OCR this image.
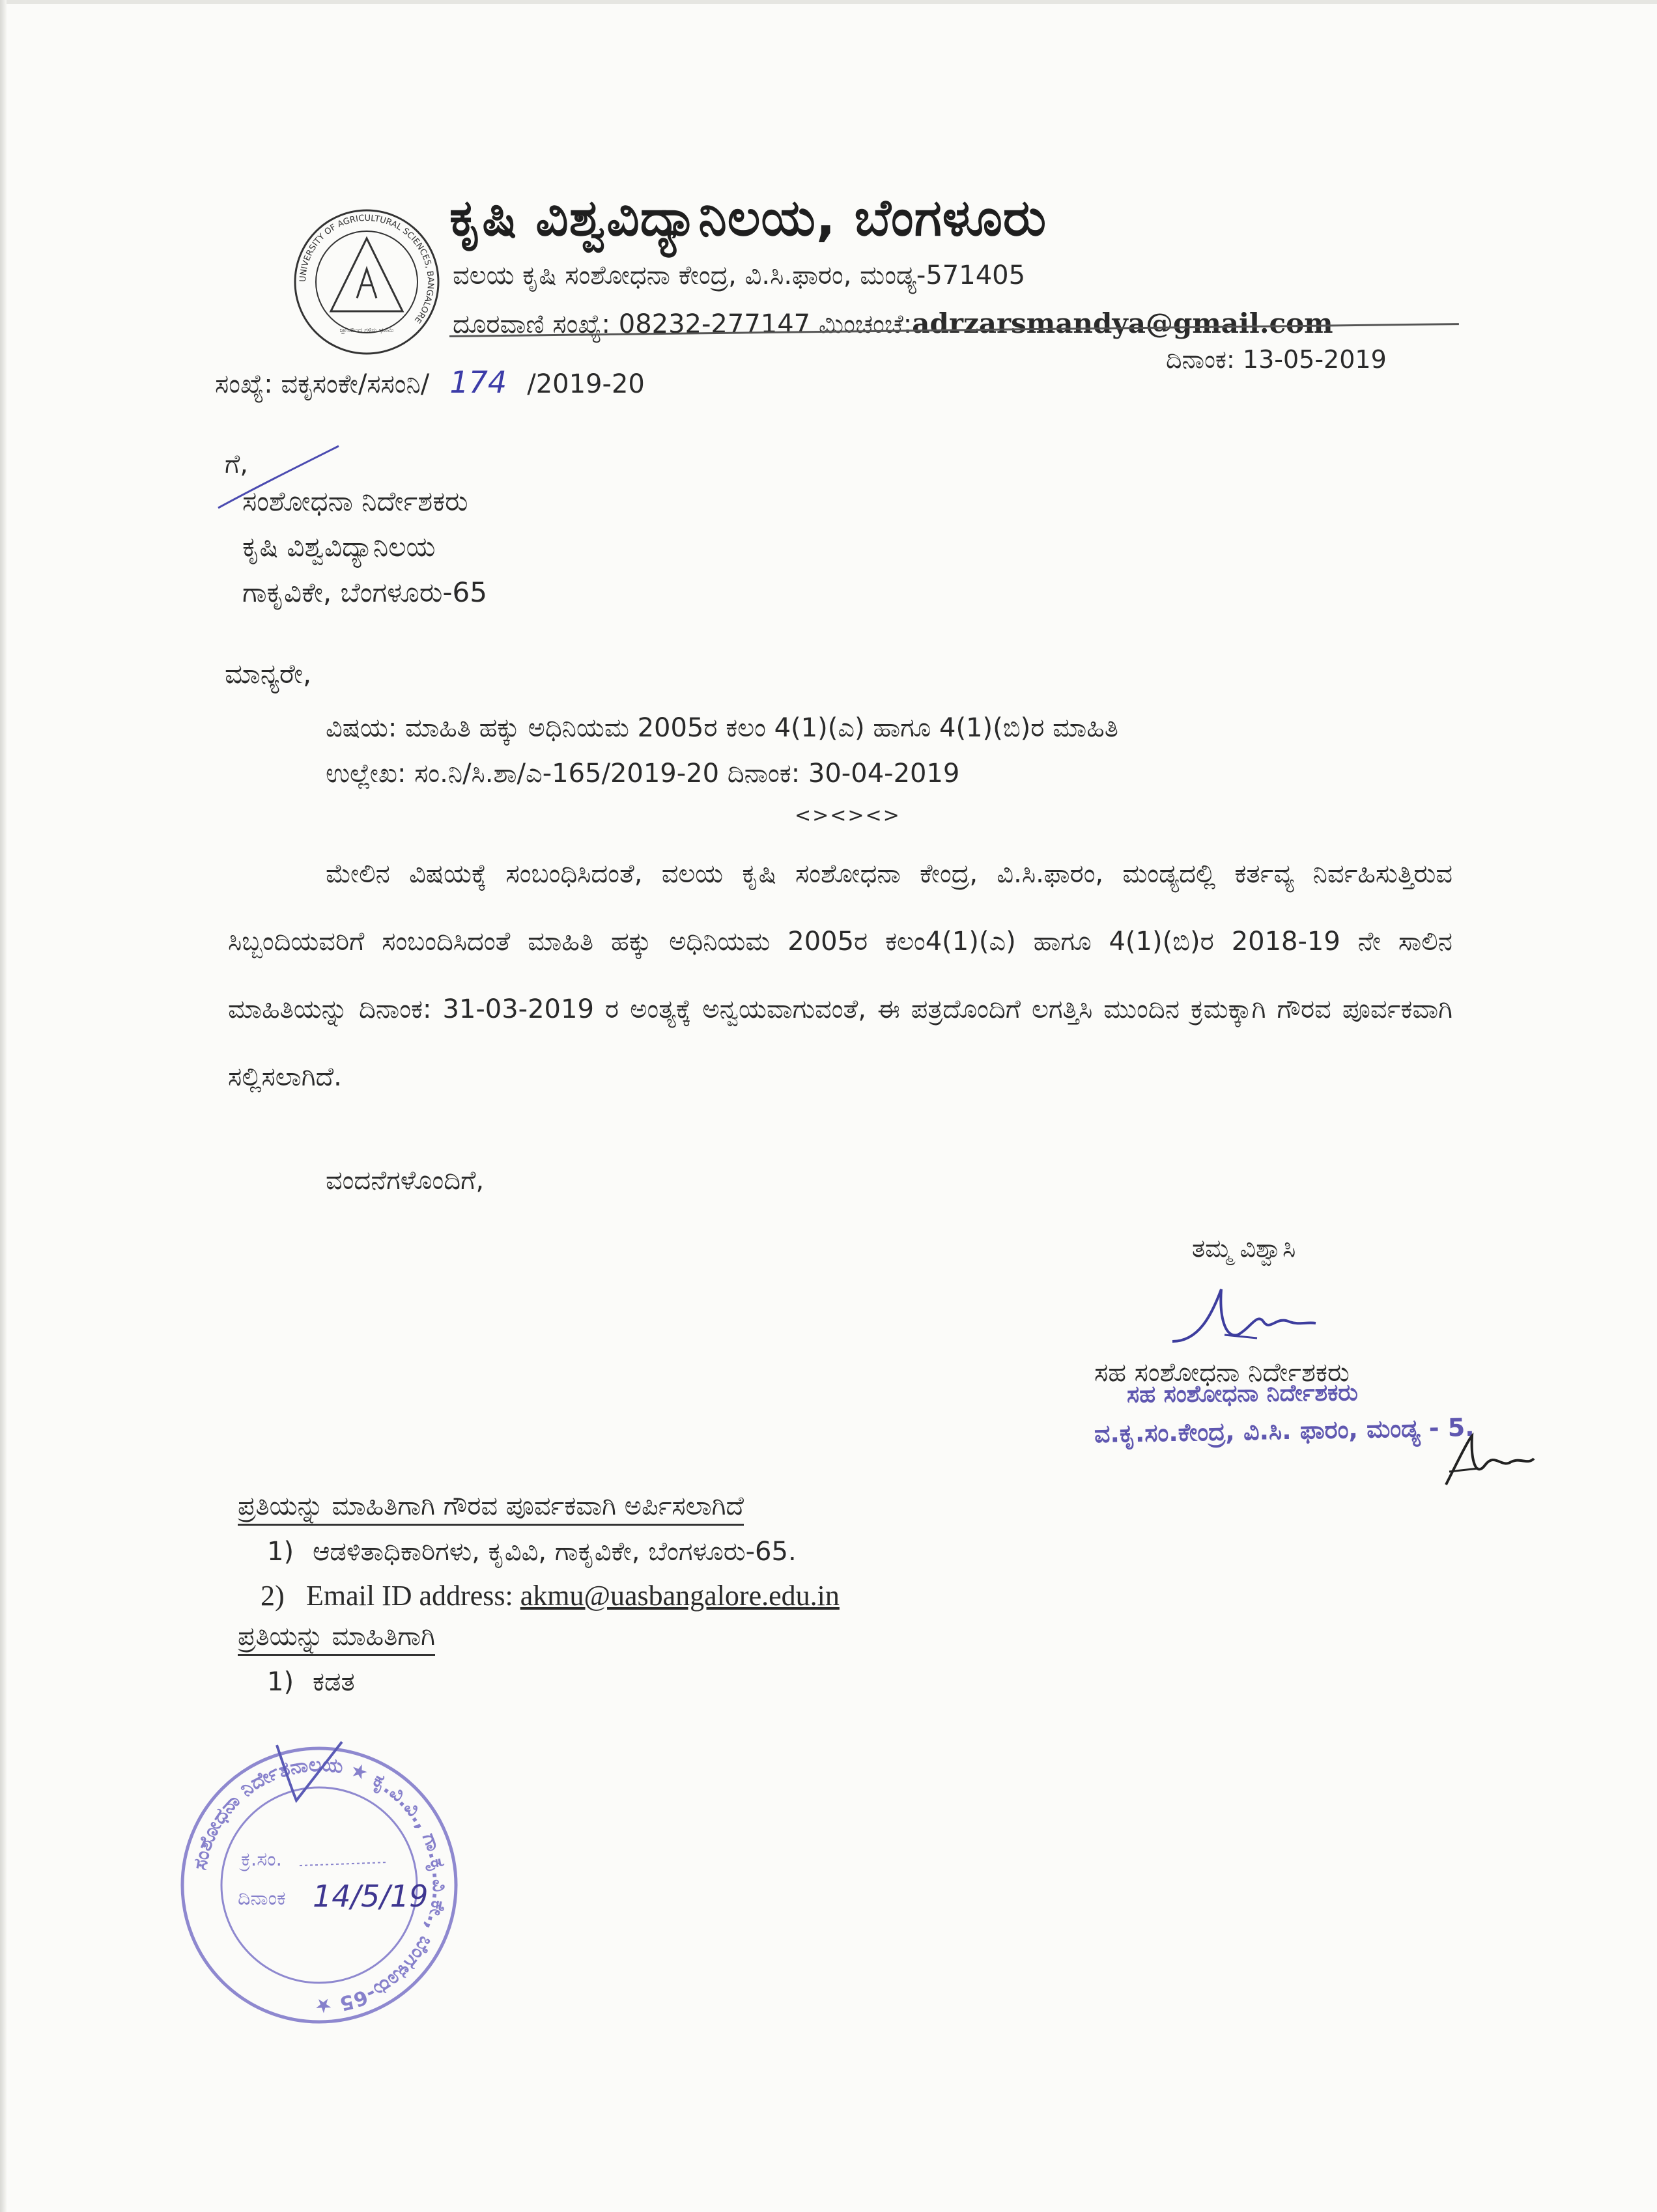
UNIVERSITY OF AGRICULTURAL SCIENCES, BANGALORE
ಜ್ಞಾನದಿಂದ ಗಳಿಸು ಭೂಮಿ
ಕೃಷಿ ವಿಶ್ವವಿದ್ಯಾನಿಲಯ, ಬೆಂಗಳೂರು
ವಲಯ ಕೃಷಿ ಸಂಶೋಧನಾ ಕೇಂದ್ರ, ವಿ.ಸಿ.ಫಾರಂ, ಮಂಡ್ಯ-571405
ದೂರವಾಣಿ ಸಂಖ್ಯೆ: 08232-277147 ಮಿಂಚಂಚೆ:adrzarsmandya@gmail.com
ಸಂಖ್ಯೆ: ವಕೃಸಂಕೇ/ಸಸಂನಿ/ 174 /2019-20
ದಿನಾಂಕ: 13-05-2019
ಗೆ,
ಸಂಶೋಧನಾ ನಿರ್ದೇಶಕರು
ಕೃಷಿ ವಿಶ್ವವಿದ್ಯಾನಿಲಯ
ಗಾಕೃವಿಕೇ, ಬೆಂಗಳೂರು-65
ಮಾನ್ಯರೇ,
ವಿಷಯ: ಮಾಹಿತಿ ಹಕ್ಕು ಅಧಿನಿಯಮ 2005ರ ಕಲಂ 4(1)(ಎ) ಹಾಗೂ 4(1)(ಬಿ)ರ ಮಾಹಿತಿ
ಉಲ್ಲೇಖ: ಸಂ.ನಿ/ಸಿ.ಶಾ/ಎ-165/2019-20 ದಿನಾಂಕ: 30-04-2019
<><><>
ಮೇಲಿನ ವಿಷಯಕ್ಕೆ ಸಂಬಂಧಿಸಿದಂತೆ, ವಲಯ ಕೃಷಿ ಸಂಶೋಧನಾ ಕೇಂದ್ರ, ವಿ.ಸಿ.ಫಾರಂ, ಮಂಡ್ಯದಲ್ಲಿ ಕರ್ತವ್ಯ ನಿರ್ವಹಿಸುತ್ತಿರುವ ಸಿಬ್ಬಂದಿಯವರಿಗೆ ಸಂಬಂದಿಸಿದಂತೆ ಮಾಹಿತಿ ಹಕ್ಕು ಅಧಿನಿಯಮ 2005ರ ಕಲಂ4(1)(ಎ) ಹಾಗೂ 4(1)(ಬಿ)ರ 2018-19 ನೇ ಸಾಲಿನ ಮಾಹಿತಿಯನ್ನು ದಿನಾಂಕ: 31-03-2019 ರ ಅಂತ್ಯಕ್ಕೆ ಅನ್ವಯವಾಗುವಂತೆ, ಈ ಪತ್ರದೊಂದಿಗೆ ಲಗತ್ತಿಸಿ ಮುಂದಿನ ಕ್ರಮಕ್ಕಾಗಿ ಗೌರವ ಪೂರ್ವಕವಾಗಿ ಸಲ್ಲಿಸಲಾಗಿದೆ.
ವಂದನೆಗಳೊಂದಿಗೆ,
ತಮ್ಮ ವಿಶ್ವಾಸಿ
ಸಹ ಸಂಶೋಧನಾ ನಿರ್ದೇಶಕರು
ಸಹ ಸಂಶೋಧನಾ ನಿರ್ದೇಶಕರು
ವ.ಕೃ.ಸಂ.ಕೇಂದ್ರ, ವಿ.ಸಿ. ಫಾರಂ, ಮಂಡ್ಯ - 5.
ಪ್ರತಿಯನ್ನು ಮಾಹಿತಿಗಾಗಿ ಗೌರವ ಪೂರ್ವಕವಾಗಿ ಅರ್ಪಿಸಲಾಗಿದೆ
1) ಆಡಳಿತಾಧಿಕಾರಿಗಳು, ಕೃವಿವಿ, ಗಾಕೃವಿಕೇ, ಬೆಂಗಳೂರು-65.
2) Email ID address: akmu@uasbangalore.edu.in
ಪ್ರತಿಯನ್ನು ಮಾಹಿತಿಗಾಗಿ
1) ಕಡತ
ಸಂಶೋಧನಾ ನಿರ್ದೇಶನಾಲಯ ★ ಕೃ.ವಿ.ವಿ., ಗಾ.ಕೃ.ವಿ.ಕೇ., ಬೆಂಗಳೂರು-65 ★
ಕ್ರ.ಸಂ.
ದಿನಾಂಕ 14/5/19
